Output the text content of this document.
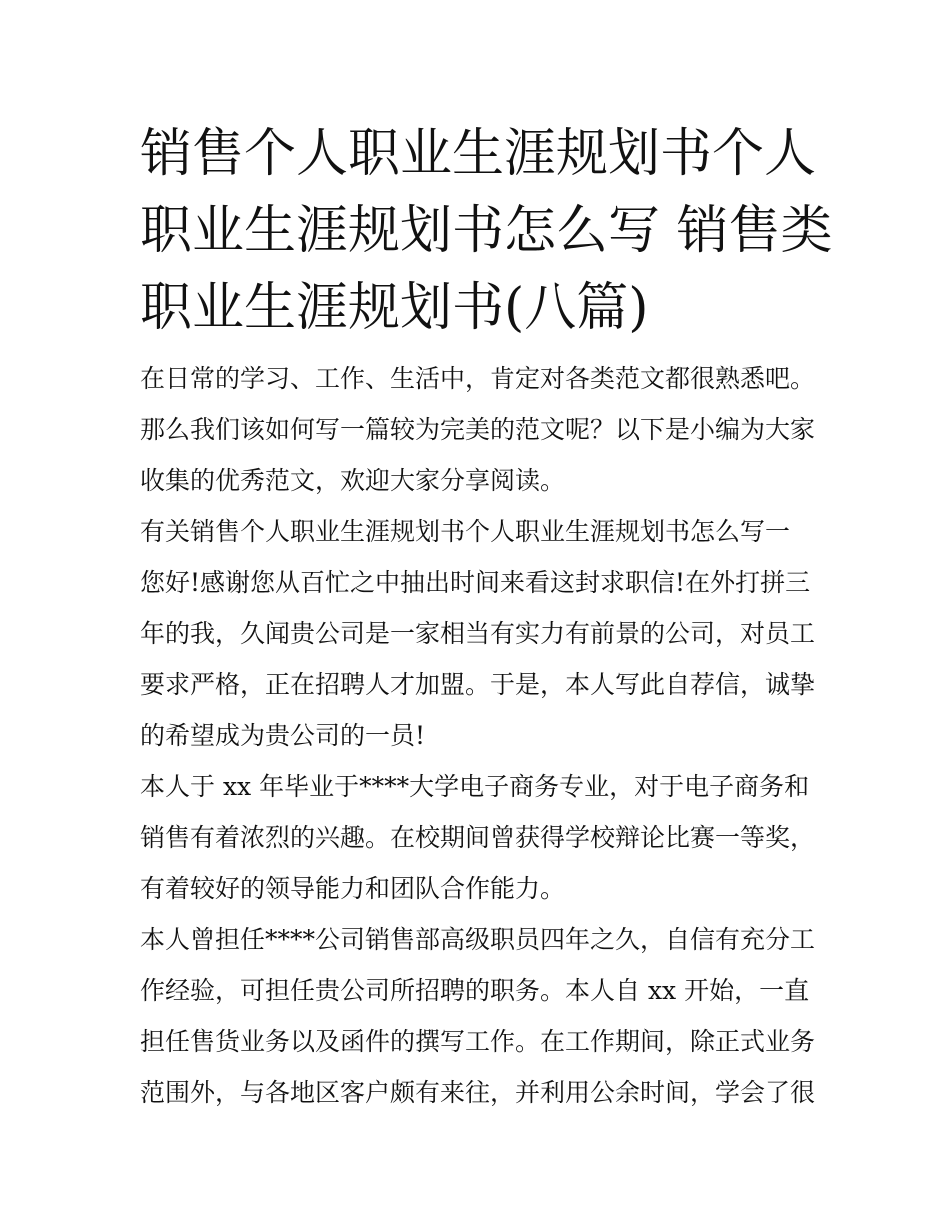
销售个人职业生涯规划书个人
职业生涯规划书怎么写 销售类
职业生涯规划书(八篇)
在日常的学习、工作、生活中，肯定对各类范文都很熟悉吧。
那么我们该如何写一篇较为完美的范文呢？以下是小编为大家
收集的优秀范文，欢迎大家分享阅读。
有关销售个人职业生涯规划书个人职业生涯规划书怎么写一
您好!感谢您从百忙之中抽出时间来看这封求职信!在外打拼三
年的我，久闻贵公司是一家相当有实力有前景的公司，对员工
要求严格，正在招聘人才加盟。于是，本人写此自荐信，诚挚
的希望成为贵公司的一员!
本人于 xx 年毕业于****大学电子商务专业，对于电子商务和
销售有着浓烈的兴趣。在校期间曾获得学校辩论比赛一等奖，
有着较好的领导能力和团队合作能力。
本人曾担任****公司销售部高级职员四年之久，自信有充分工
作经验，可担任贵公司所招聘的职务。本人自 xx 开始，一直
担任售货业务以及函件的撰写工作。在工作期间，除正式业务
范围外，与各地区客户颇有来往，并利用公余时间，学会了很
